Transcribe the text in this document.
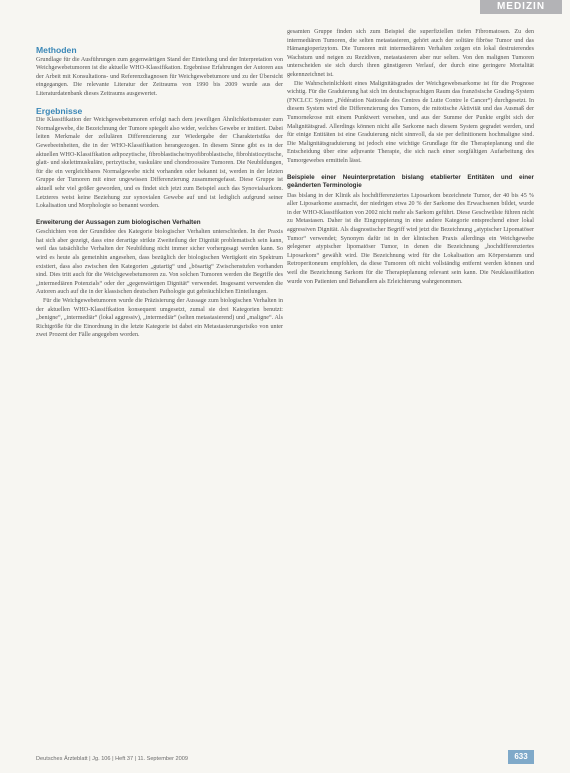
MEDIZIN
Methoden

Grundlage für die Ausführungen zum gegenwärtigen Stand der Einteilung und der Interpretation von Weichgewebetumoren ist die aktuelle WHO-Klassifikation. Ergebnisse Erfahrungen der Autoren aus der Arbeit mit Konsultations- und Referenzdiagnosen für Weichgewebetumore und zu der Übersicht eingegangen. Die relevante Literatur der Zeitraums von 1990 bis 2009 wurde aus der Literaturdatenbank dieses Zeitraums ausgewertet.

Ergebnisse

Die Klassifikation der Weichgewebetumoren erfolgt nach dem jeweiligen Ähnlichkeitsmuster zum Normalgewebe, die Bezeichnung der Tumore spiegelt also wider, welches Gewebe er imitiert. Dabei leiten Merkmale der zellulären Differenzierung zur Wiedergabe der Charakteristika der Gewebeeinheiten, die in der WHO-Klassifikation herangezogen. In diesem Sinne gibt es in der aktuellen WHO-Klassifikation adipozytische, fibroblastische/myofibroblastische, fibrohistiozytische, glatt- und skelettmuskuläre, perizytische, vaskuläre und chondroossäre Tumoren. Die Neubildungen, für die ein vergleichbares Normalgewebe nicht vorhanden oder bekannt ist, werden in der letzten Gruppe der Tumoren mit einer ungewissen Differenzierung zusammengefasst. Diese Gruppe ist aktuell sehr viel größer geworden, und es findet sich jetzt zum Beispiel auch das Synovialsarkom. Letzteres weist keine Beziehung zur synovialen Gewebe auf und ist lediglich aufgrund seiner Lokalisation und Morphologie so benannt worden.

Erweiterung der Aussagen zum biologischen Verhalten

Geschichten von der Grundidee des Kategorie biologischer Verhalten unterschieden. In der Praxis hat sich aber gezeigt, dass eine derartige strikte Zweiteilung der Dignität problematisch sein kann, weil das tatsächliche Verhalten der Neubildung nicht immer sicher vorhergesagt werden kann. So wird es heute als gemeinhin angesehen, dass bezüglich der biologischen Wertigkeit ein Spektrum existiert, dass also zwischen den Kategorien „gutartig“ und „bösartig“ Zwischenstufen vorhanden sind. Dies tritt auch für die Weichgewebetumoren zu. Von solchen Tumoren werden die Begriffe des „intermediären Potenzials“ oder der „gegenwärtigen Dignität“ verwendet. Insgesamt verwenden die Autoren auch auf die in der klassischen deutschen Pathologie gut gebräuchlichen Einteilungen.

Für die Weichgewebetumoren wurde die Präzisierung der Aussage zum biologischen Verhalten in der aktuellen WHO-Klassifikation konsequent umgesetzt, zumal sie drei Kategorien benutzt: „benigne“, „intermediär“ (lokal aggressiv), „intermediär“ (selten metastasierend) und „maligne“. Als Richtgröße für die Einordnung in die letzte Kategorie ist dabei ein Metastasierungsrisiko von unter zwei Prozent der Fälle angegeben worden.

gesamten Gruppe finden sich zum Beispiel die superfiziellen tiefen Fibromatosen. Zu den intermediären Tumoren, die selten metastasieren, gehört auch der solitäre fibröse Tumor und das Hämangioperizytom. Die Tumoren mit intermediärem Verhalten zeigen ein lokal destruierendes Wachstum und neigen zu Rezidiven, metastasieren aber nur selten. Von den malignen Tumoren unterscheiden sie sich durch ihren günstigeren Verlauf, der durch eine geringere Mortalität gekennzeichnet ist.

Die Wahrscheinlichkeit eines Malignitätsgrades der Weichgewebesarkome ist für die Prognose wichtig. Für die Graduierung hat sich im deutschsprachigen Raum das französische Grading-System (FNCLCC System „Fédération Nationale des Centres de Lutte Contre le Cancer“) durchgesetzt. In diesem System wird die Differenzierung des Tumors, die mitotische Aktivität und das Ausmaß der Tumornekrose mit einem Punktwert versehen, und aus der Summe der Punkte ergibt sich der Malignitätsgrad. Allerdings können nicht alle Sarkome nach diesem System gegradet werden, und für einige Entitäten ist eine Graduierung nicht sinnvoll, da sie per definitionem hochmaligne sind. Die Malignitätsgraduierung ist jedoch eine wichtige Grundlage für die Therapieplanung und die Entscheidung über eine adjuvante Therapie, die sich nach einer sorgfältigen Aufarbeitung des Tumorgewebes ermitteln lässt.

Beispiele einer Neuinterpretation bislang etablierter Entitäten und einer geänderten Terminologie

Das bislang in der Klinik als hochdifferenziertes Liposarkom bezeichnete Tumor, der 40 bis 45 % aller Liposarkome ausmacht, der niedrigen etwa 20 % der Sarkome des Erwachsenen bildet, wurde in der WHO-Klassifikation von 2002 nicht mehr als Sarkom geführt. Diese Geschwülste führen nicht zu Metastasen. Daher ist die Eingruppierung in eine andere Kategorie entsprechend einer lokal aggressiven Dignität. Als diagnostischer Begriff wird jetzt die Bezeichnung „atypischer Lipomatöser Tumor“ verwendet; Synonym dafür ist in der klinischen Praxis allerdings ein Weichgewebe gelegener atypischer lipomatöser Tumor, in denen die Bezeichnung „hochdifferenziertes Liposarkom“ gewählt wird. Die Bezeichnung wird für die Lokalisation am Körperstamm und Retroperitoneum empfohlen, da diese Tumoren oft nicht vollständig entfernt werden können und weil die Bezeichnung Sarkom für die Therapieplanung relevant sein kann. Die Neuklassifikation wurde von Patienten und Behandlern als Erleichterung wahrgenommen.

Deutsches Ärzteblatt | Jg. 106 | Heft 37 | 11. September 2009	633
